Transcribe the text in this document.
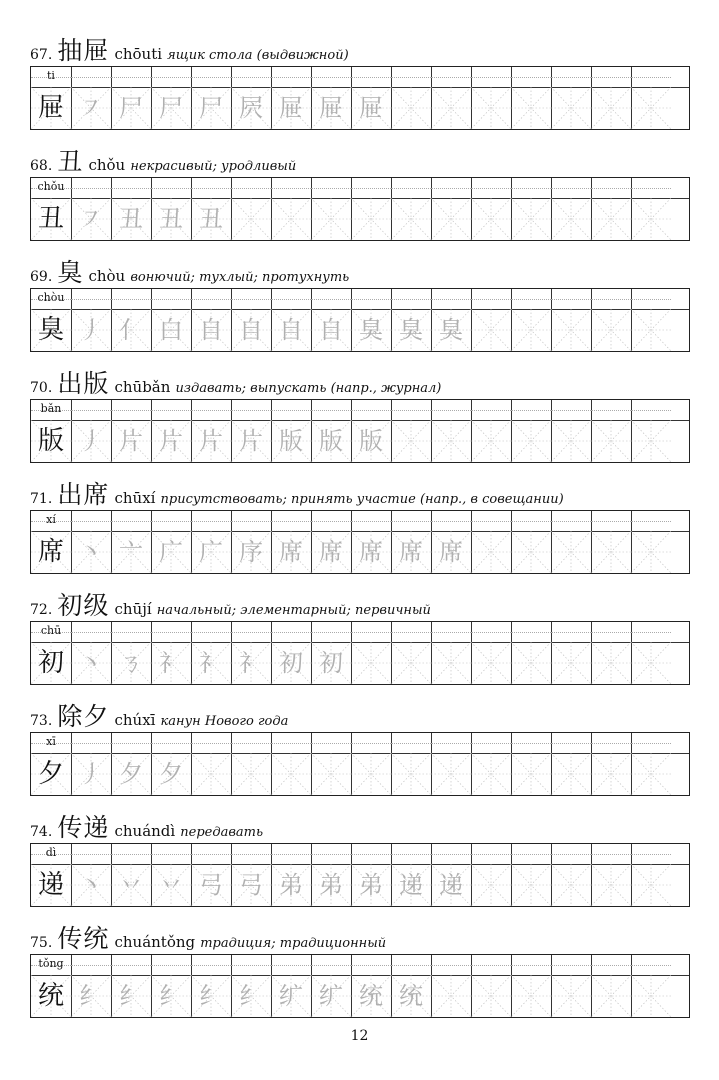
67. 抽屉 chōuti ящик стола (выдвижной)
ti
屉 ㇇ 尸 尸 尸 屄 屉 屉 屉
68. 丑 chǒu некрасивый; уродливый
chǒu
丑 ㇇ 丑 丑 丑
69. 臭 chòu вонючий; тухлый; протухнуть
chòu
臭 丿 亻 白 自 自 自 自 臭 臭 臭
70. 出版 chūbǎn издавать; выпускать (напр., журнал)
bǎn
版 丿 片 片 片 片 版 版 版
71. 出席 chūxí присутствовать; принять участие (напр., в совещании)
xí
席 丶 亠 广 广 序 席 席 席 席 席
72. 初级 chūjí начальный; элементарный; первичный
chū
初 丶 ㄋ 礻 礻 礻 初 初
73. 除夕 chúxī канун Нового года
xī
夕 丿 夕 夕
74. 传递 chuándì передавать
dì
递 丶 丷 丷 弓 弓 弟 弟 弟 递 递
75. 传统 chuántǒng традиция; традиционный
tǒng
统 纟 纟 纟 纟 纟 纩 纩 统 统
12
